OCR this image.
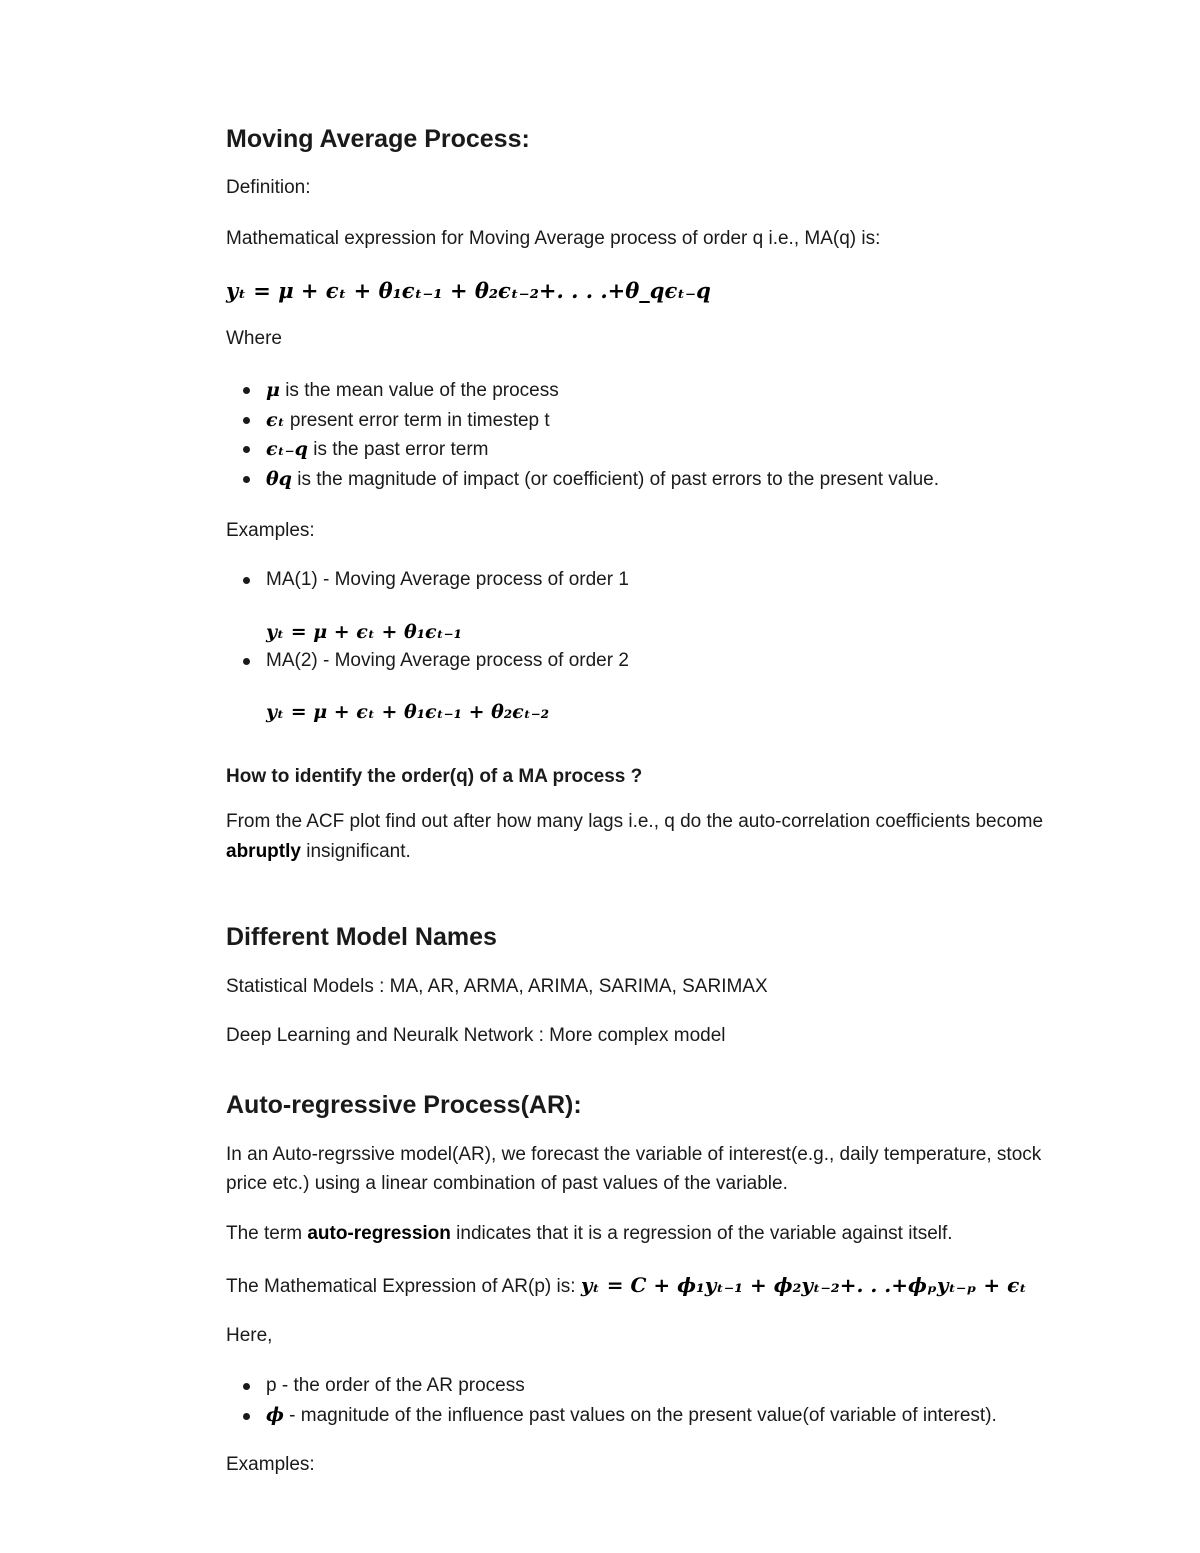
Moving Average Process:
Definition:
Mathematical expression for Moving Average process of order q i.e., MA(q) is:
yₜ = μ + ϵₜ + θ₁ϵₜ₋₁ + θ₂ϵₜ₋₂+. . . .+θ_qϵₜ₋q
Where
μ is the mean value of the process
ϵₜ present error term in timestep t
ϵₜ₋q is the past error term
θq is the magnitude of impact (or coefficient) of past errors to the present value.
Examples:
MA(1) - Moving Average process of order 1
yₜ = μ + ϵₜ + θ₁ϵₜ₋₁
MA(2) - Moving Average process of order 2
yₜ = μ + ϵₜ + θ₁ϵₜ₋₁ + θ₂ϵₜ₋₂
How to identify the order(q) of a MA process ?
From the ACF plot find out after how many lags i.e., q do the auto-correlation coefficients become
abruptly insignificant.
Different Model Names
Statistical Models : MA, AR, ARMA, ARIMA, SARIMA, SARIMAX
Deep Learning and Neuralk Network : More complex model
Auto-regressive Process(AR):
In an Auto-regrssive model(AR), we forecast the variable of interest(e.g., daily temperature, stock
price etc.) using a linear combination of past values of the variable.
The term auto-regression indicates that it is a regression of the variable against itself.
The Mathematical Expression of AR(p) is: yₜ = C + ϕ₁yₜ₋₁ + ϕ₂yₜ₋₂+. . .+ϕₚyₜ₋ₚ + ϵₜ
Here,
p - the order of the AR process
ϕ - magnitude of the influence past values on the present value(of variable of interest).
Examples:
